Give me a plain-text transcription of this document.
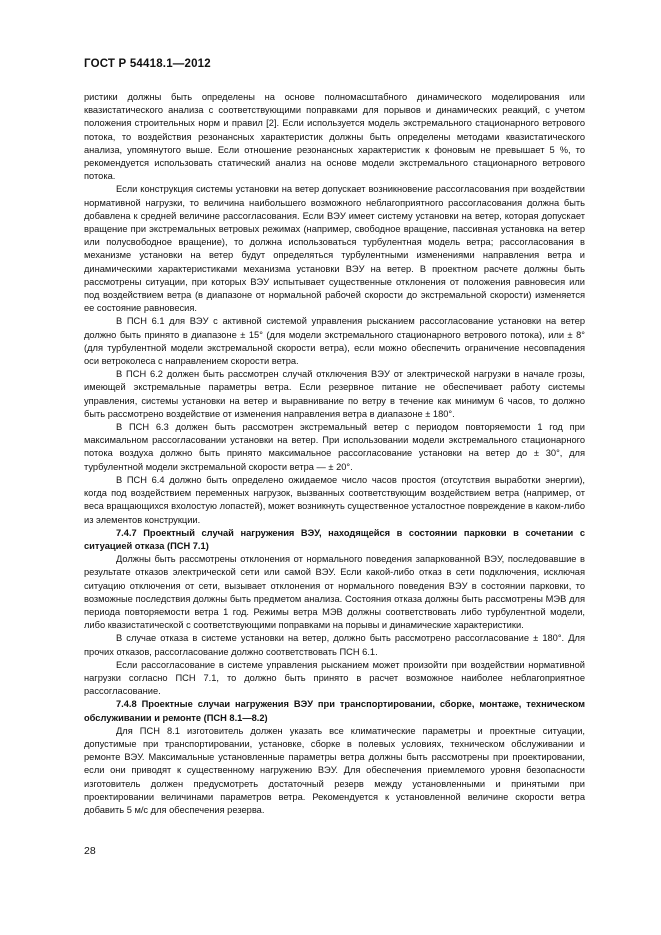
ГОСТ Р 54418.1—2012

ристики должны быть определены на основе полномасштабного динамического моделирования или квазистатического анализа с соответствующими поправками для порывов и динамических реакций, с учетом положения строительных норм и правил [2]. Если используется модель экстремального стационарного ветрового потока, то воздействия резонансных характеристик должны быть определены методами квазистатического анализа, упомянутого выше. Если отношение резонансных характеристик к фоновым не превышает 5 %, то рекомендуется использовать статический анализ на основе модели экстремального стационарного ветрового потока.

Если конструкция системы установки на ветер допускает возникновение рассогласования при воздействии нормативной нагрузки, то величина наибольшего возможного неблагоприятного рассогласования должна быть добавлена к средней величине рассогласования. Если ВЭУ имеет систему установки на ветер, которая допускает вращение при экстремальных ветровых режимах (например, свободное вращение, пассивная установка на ветер или полусвободное вращение), то должна использоваться турбулентная модель ветра; рассогласования в механизме установки на ветер будут определяться турбулентными изменениями направления ветра и динамическими характеристиками механизма установки ВЭУ на ветер. В проектном расчете должны быть рассмотрены ситуации, при которых ВЭУ испытывает существенные отклонения от положения равновесия или под воздействием ветра (в диапазоне от нормальной рабочей скорости до экстремальной скорости) изменяется ее состояние равновесия.

В ПСН 6.1 для ВЭУ с активной системой управления рысканием рассогласование установки на ветер должно быть принято в диапазоне ± 15° (для модели экстремального стационарного ветрового потока), или ± 8° (для турбулентной модели экстремальной скорости ветра), если можно обеспечить ограничение несовпадения оси ветроколеса с направлением скорости ветра.

В ПСН 6.2 должен быть рассмотрен случай отключения ВЭУ от электрической нагрузки в начале грозы, имеющей экстремальные параметры ветра. Если резервное питание не обеспечивает работу системы управления, системы установки на ветер и выравнивание по ветру в течение как минимум 6 часов, то должно быть рассмотрено воздействие от изменения направления ветра в диапазоне ± 180°.

В ПСН 6.3 должен быть рассмотрен экстремальный ветер с периодом повторяемости 1 год при максимальном рассогласовании установки на ветер. При использовании модели экстремального стационарного потока воздуха должно быть принято максимальное рассогласование установки на ветер до ± 30°, для турбулентной модели экстремальной скорости ветра — ± 20°.

В ПСН 6.4 должно быть определено ожидаемое число часов простоя (отсутствия выработки энергии), когда под воздействием переменных нагрузок, вызванных соответствующим воздействием ветра (например, от веса вращающихся вхолостую лопастей), может возникнуть существенное усталостное повреждение в каком-либо из элементов конструкции.

7.4.7 Проектный случай нагружения ВЭУ, находящейся в состоянии парковки в сочетании с ситуацией отказа (ПСН 7.1)

Должны быть рассмотрены отклонения от нормального поведения запаркованной ВЭУ, последовавшие в результате отказов электрической сети или самой ВЭУ. Если какой-либо отказ в сети подключения, исключая ситуацию отключения от сети, вызывает отклонения от нормального поведения ВЭУ в состоянии парковки, то возможные последствия должны быть предметом анализа. Состояния отказа должны быть рассмотрены МЭВ для периода повторяемости ветра 1 год. Режимы ветра МЭВ должны соответствовать либо турбулентной модели, либо квазистатической с соответствующими поправками на порывы и динамические характеристики.

В случае отказа в системе установки на ветер, должно быть рассмотрено рассогласование ± 180°. Для прочих отказов, рассогласование должно соответствовать ПСН 6.1.

Если рассогласование в системе управления рысканием может произойти при воздействии нормативной нагрузки согласно ПСН 7.1, то должно быть принято в расчет возможное наиболее неблагоприятное рассогласование.

7.4.8 Проектные случаи нагружения ВЭУ при транспортировании, сборке, монтаже, техническом обслуживании и ремонте (ПСН 8.1—8.2)

Для ПСН 8.1 изготовитель должен указать все климатические параметры и проектные ситуации, допустимые при транспортировании, установке, сборке в полевых условиях, техническом обслуживании и ремонте ВЭУ. Максимальные установленные параметры ветра должны быть рассмотрены при проектировании, если они приводят к существенному нагружению ВЭУ. Для обеспечения приемлемого уровня безопасности изготовитель должен предусмотреть достаточный резерв между установленными и принятыми при проектировании величинами параметров ветра. Рекомендуется к установленной величине скорости ветра добавить 5 м/с для обеспечения резерва.

28
